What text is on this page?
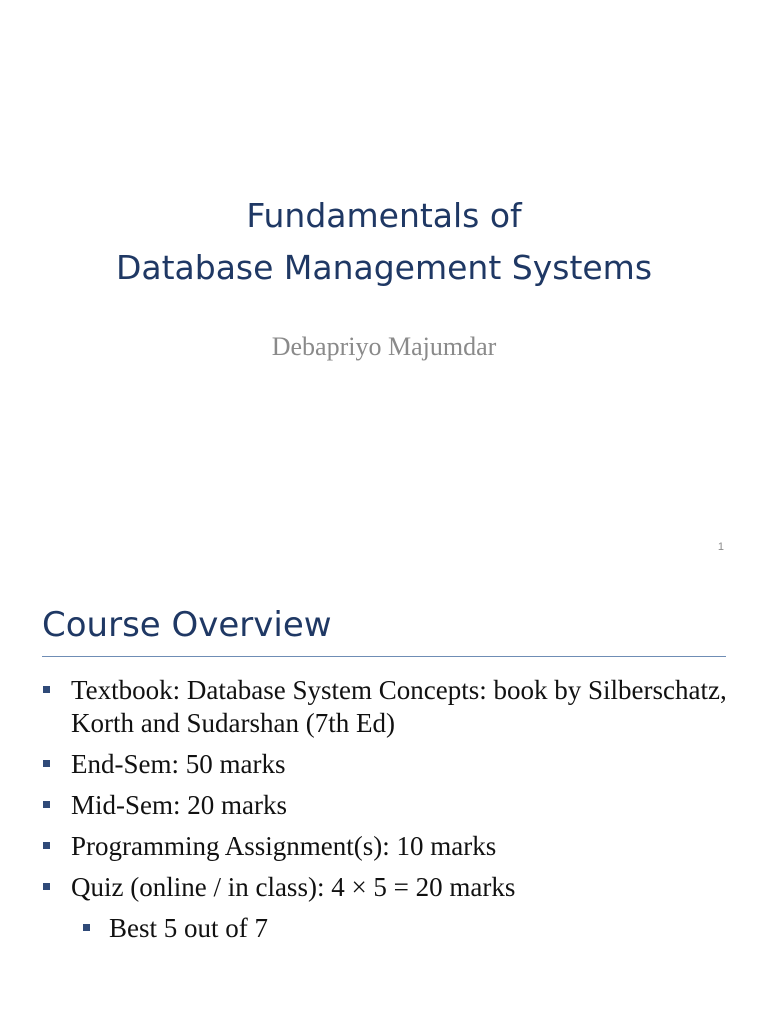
Fundamentals of
Database Management Systems
Debapriyo Majumdar
1
Course Overview
Textbook: Database System Concepts: book by Silberschatz, Korth and Sudarshan (7th Ed)
End-Sem: 50 marks
Mid-Sem: 20 marks
Programming Assignment(s): 10 marks
Quiz (online / in class): 4 × 5 = 20 marks
Best 5 out of 7
